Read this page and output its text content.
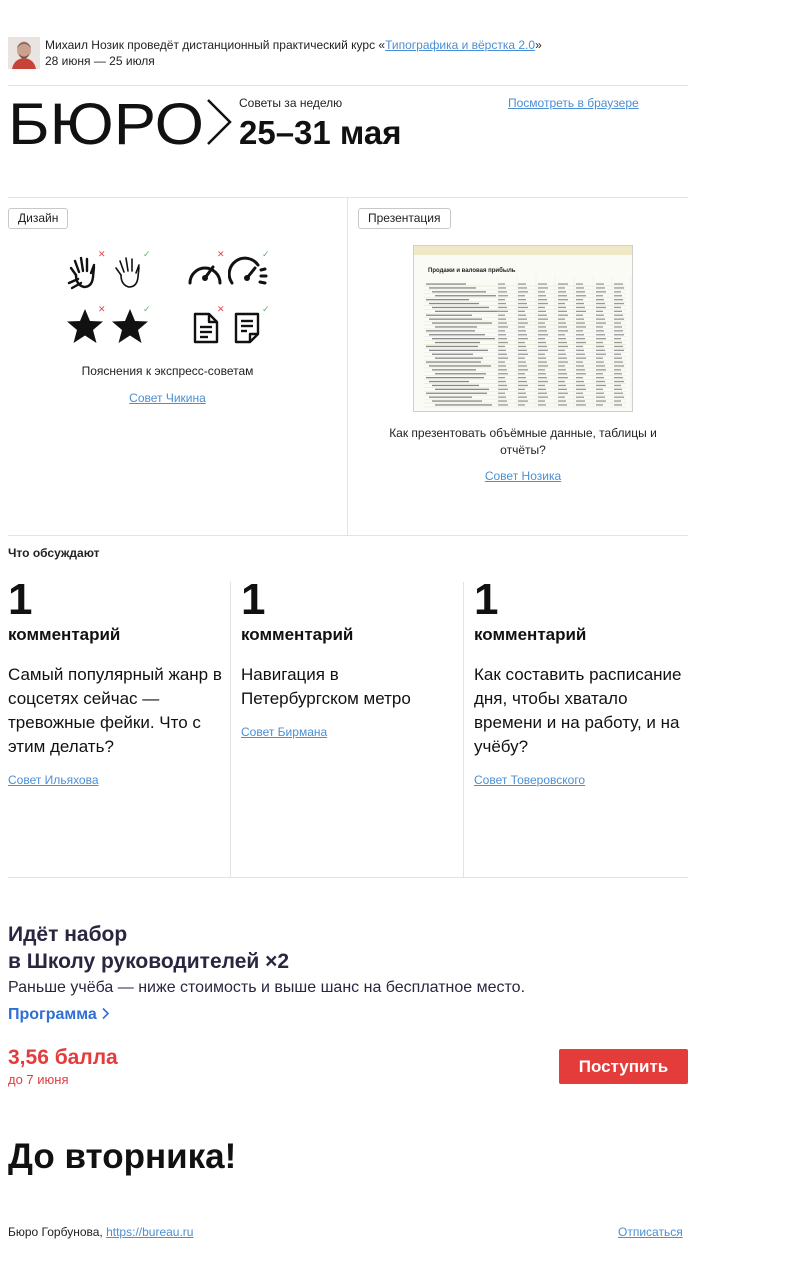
Михаил Нозик проведёт дистанционный практический курс «Типографика и вёрстка 2.0»
28 июня — 25 июля
БЮРО	Советы за неделю
25–31 мая
Посмотреть в браузере
Дизайн
✕	✓	✕	✓
✕	✓	✕	✓
Пояснения к экспресс-советам
Совет Чикина
Презентация
Продажи и валовая прибыль
Как презентовать объёмные данные, таблицы и отчёты?
Совет Нозика
Что обсуждают
1
комментарий
Самый популярный жанр в соцсетях сейчас — тревожные фейки. Что с этим делать?
Совет Ильяхова
1
комментарий
Навигация в Петербургском метро
Совет Бирмана
1
комментарий
Как составить расписание дня, чтобы хватало времени и на работу, и на учёбу?
Совет Товеровского
Идёт набор
в Школу руководителей ×2
Раньше учёба — ниже стоимость и выше шанс на бесплатное место.
Программа
3,56 балла
до 7 июня
Поступить
До вторника!
Бюро Горбунова, https://bureau.ru	Отписаться
